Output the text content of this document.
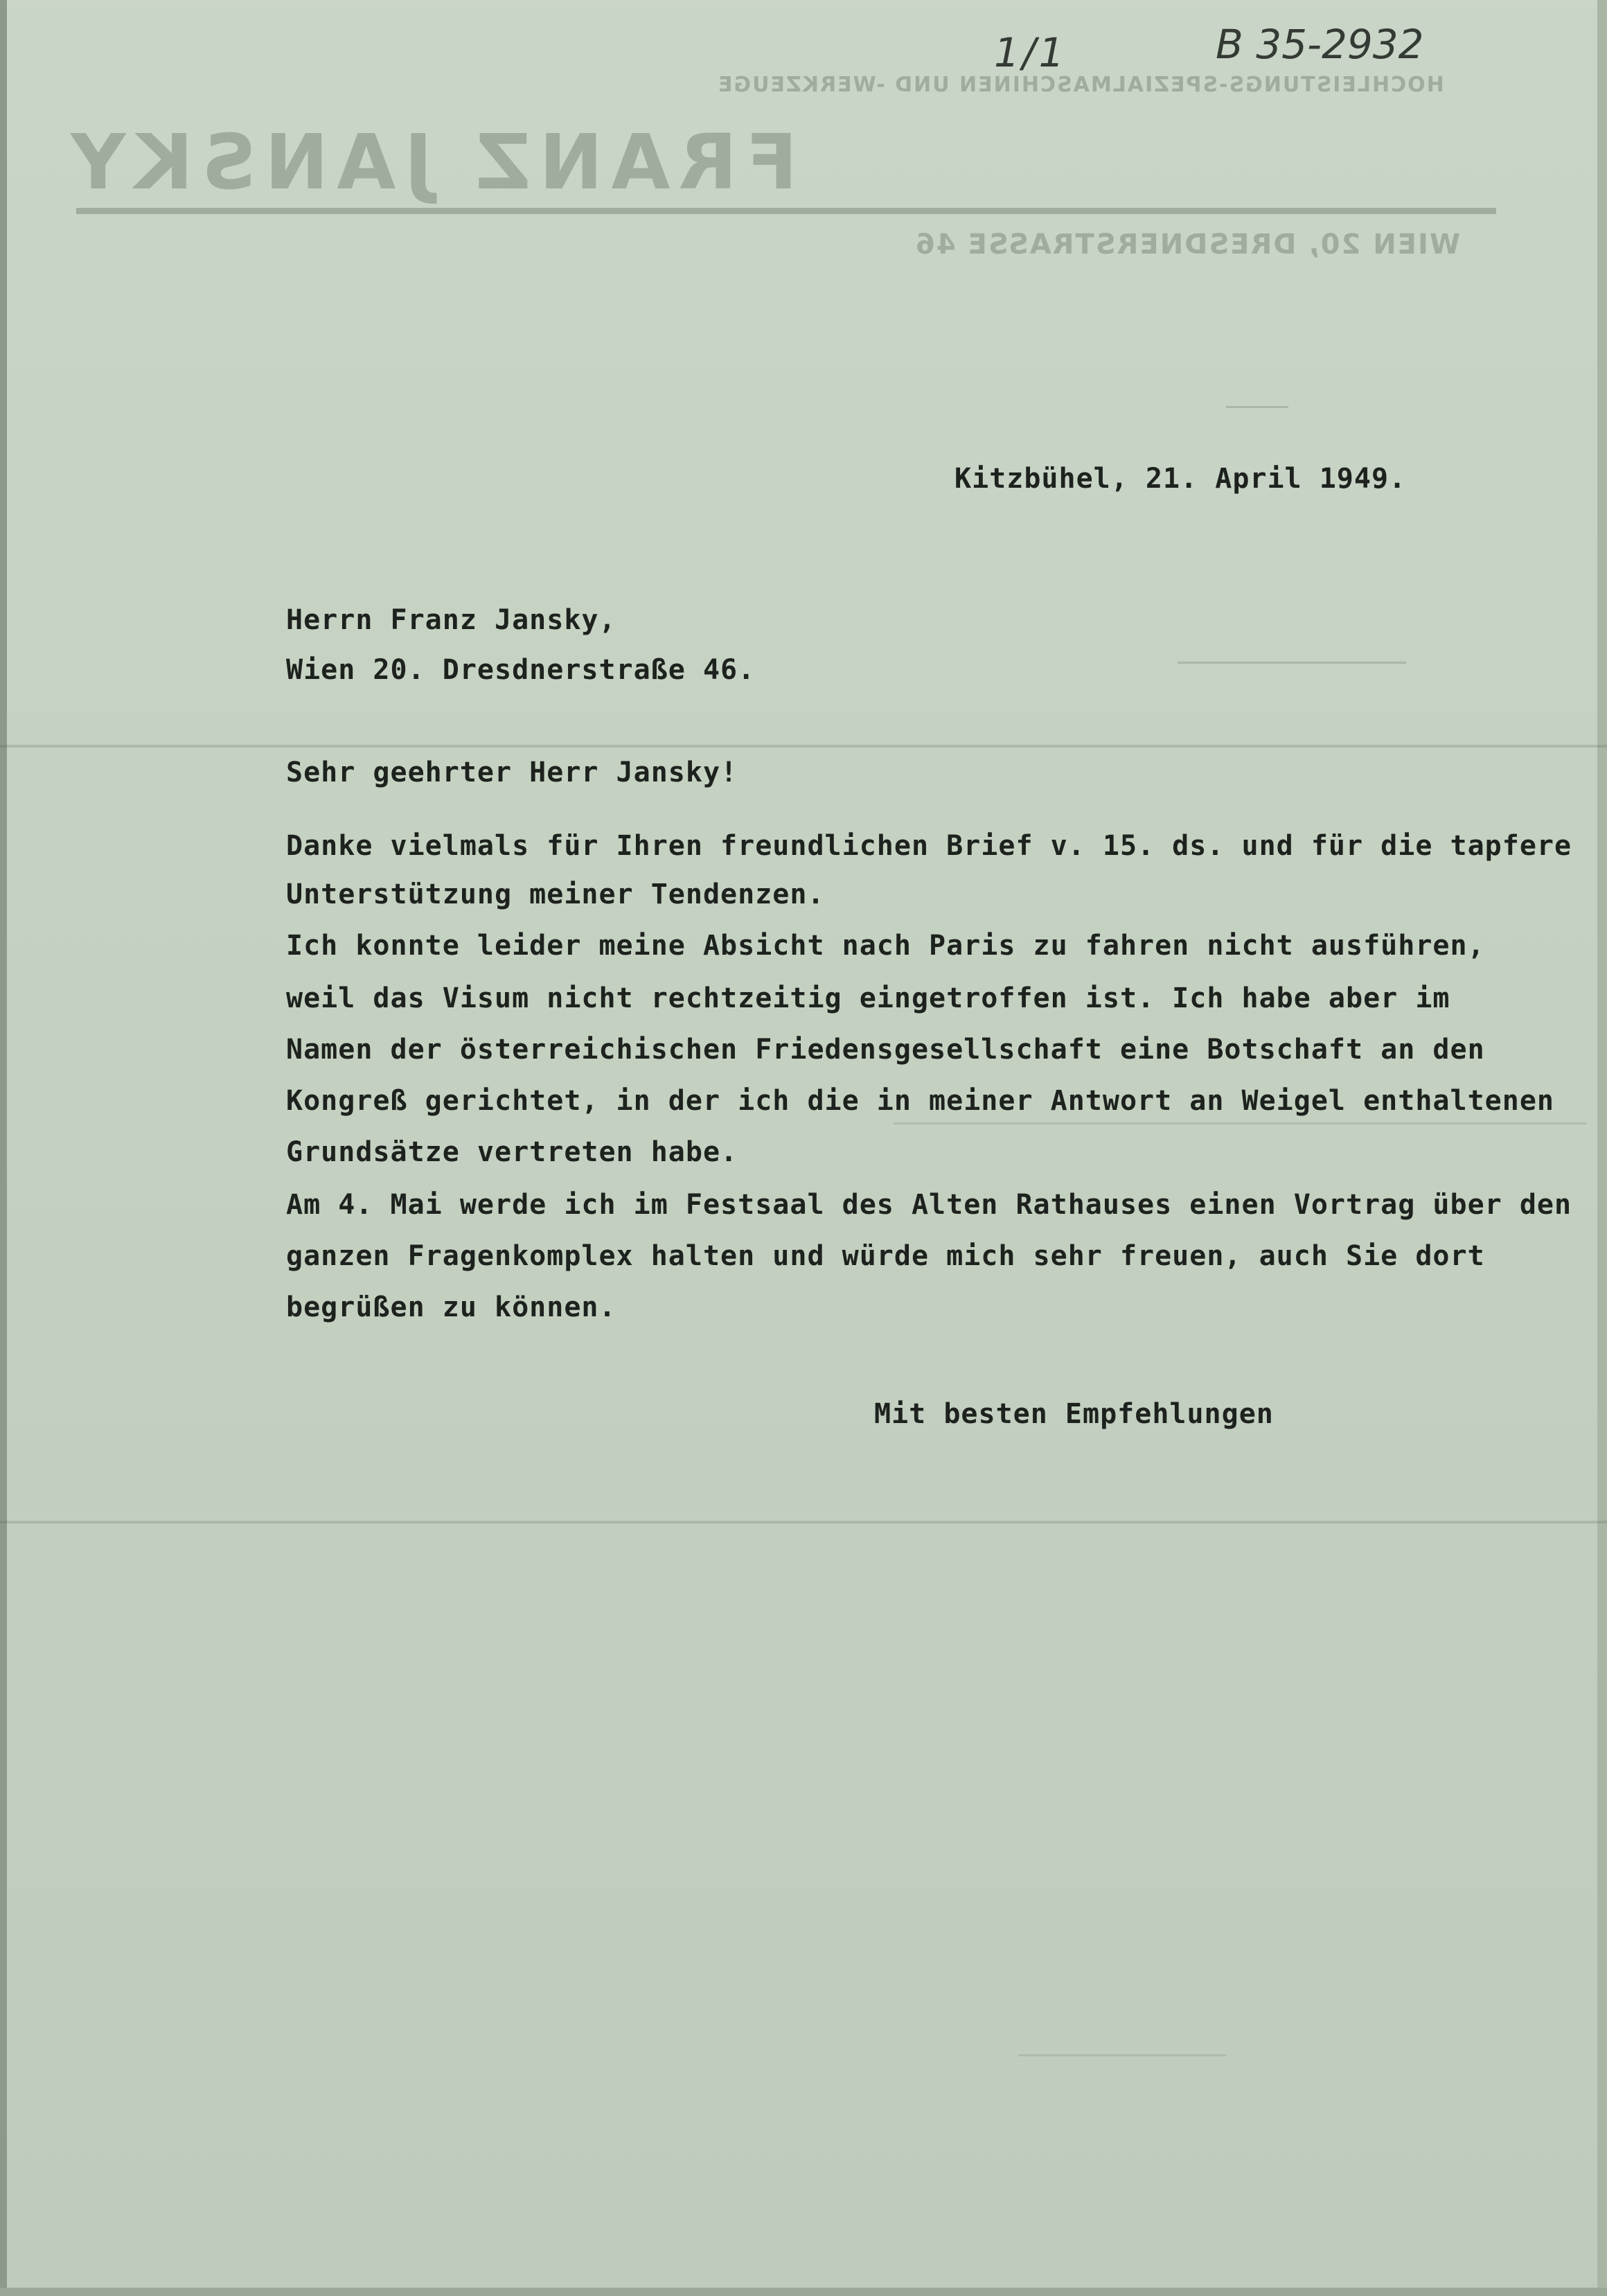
1/1	B 35-2932
HOCHLEISTUNGS-SPEZIALMASCHINEN UND -WERKZEUGE
FRANZ JANSKY
WIEN 20, DRESDNERSTRASSE 46
Kitzbühel, 21. April 1949.
Herrn Franz Jansky,
Wien 20. Dresdnerstraße 46.
Sehr geehrter Herr Jansky!
Danke vielmals für Ihren freundlichen Brief v. 15. ds. und für die tapfere
Unterstützung meiner Tendenzen.
Ich konnte leider meine Absicht nach Paris zu fahren nicht ausführen,
weil das Visum nicht rechtzeitig eingetroffen ist. Ich habe aber im
Namen der österreichischen Friedensgesellschaft eine Botschaft an den
Kongreß gerichtet, in der ich die in meiner Antwort an Weigel enthaltenen
Grundsätze vertreten habe.
Am 4. Mai werde ich im Festsaal des Alten Rathauses einen Vortrag über den
ganzen Fragenkomplex halten und würde mich sehr freuen, auch Sie dort
begrüßen zu können.
Mit besten Empfehlungen
